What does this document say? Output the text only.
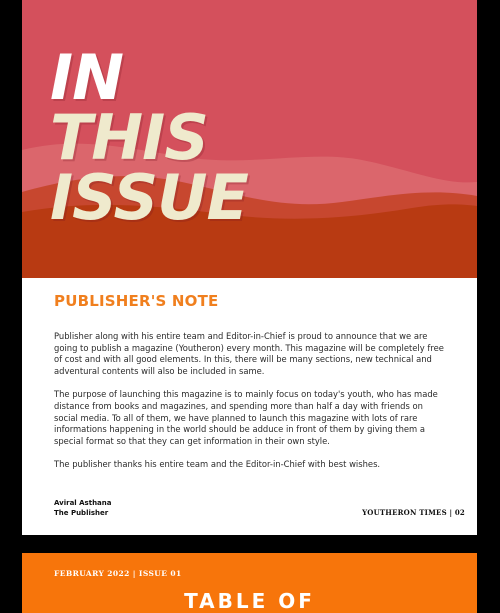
IN
THIS
ISSUE
PUBLISHER'S NOTE

Publisher along with his entire team and Editor-in-Chief is proud to announce that we are going to publish a magazine (Youtheron) every month. This magazine will be completely free of cost and with all good elements. In this, there will be many sections, new technical and adventural contents will also be included in same.

The purpose of launching this magazine is to mainly focus on today's youth, who has made distance from books and magazines, and spending more than half a day with friends on social media. To all of them, we have planned to launch this magazine with lots of rare informations happening in the world should be adduce in front of them by giving them a special format so that they can get information in their own style.

The publisher thanks his entire team and the Editor-in-Chief with best wishes.

Aviral Asthana
The Publisher	YOUTHERON TIMES | 02
FEBRUARY 2022 | ISSUE 01
TABLE OF
